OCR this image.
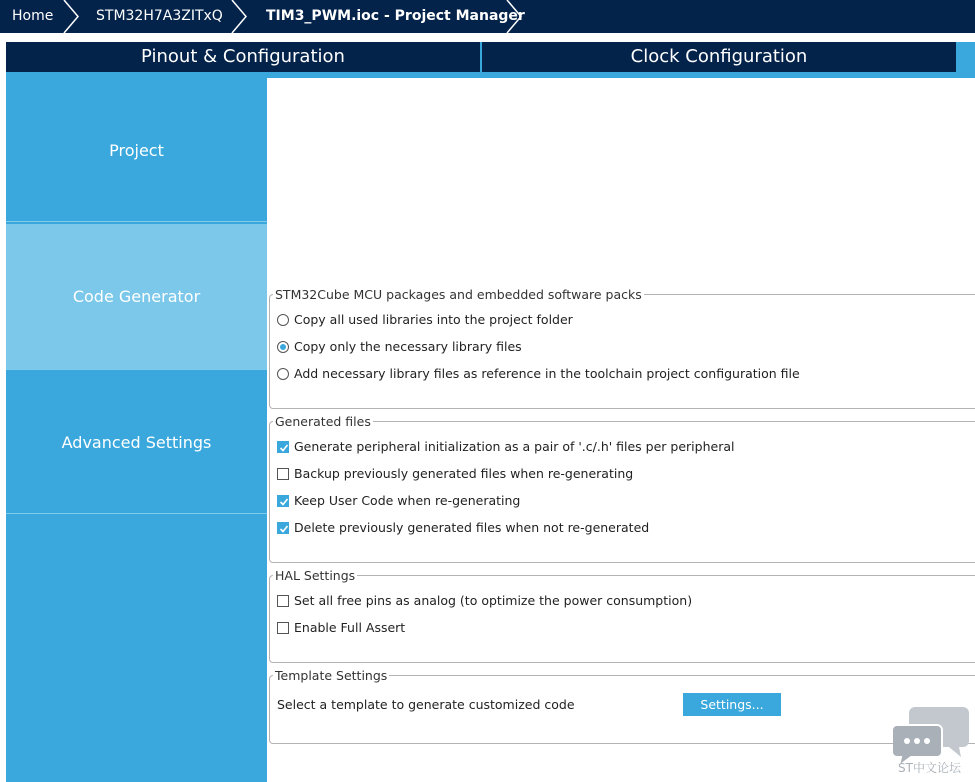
Home	STM32H7A3ZITxQ	TIM3_PWM.ioc - Project Manager
Pinout & Configuration	Clock Configuration
Project
Code Generator
Advanced Settings
STM32Cube MCU packages and embedded software packs
Copy all used libraries into the project folder
Copy only the necessary library files
Add necessary library files as reference in the toolchain project configuration file
Generated files
Generate peripheral initialization as a pair of '.c/.h' files per peripheral
Backup previously generated files when re-generating
Keep User Code when re-generating
Delete previously generated files when not re-generated
HAL Settings
Set all free pins as analog (to optimize the power consumption)
Enable Full Assert
Template Settings
Select a template to generate customized code	Settings...
ST中文论坛
